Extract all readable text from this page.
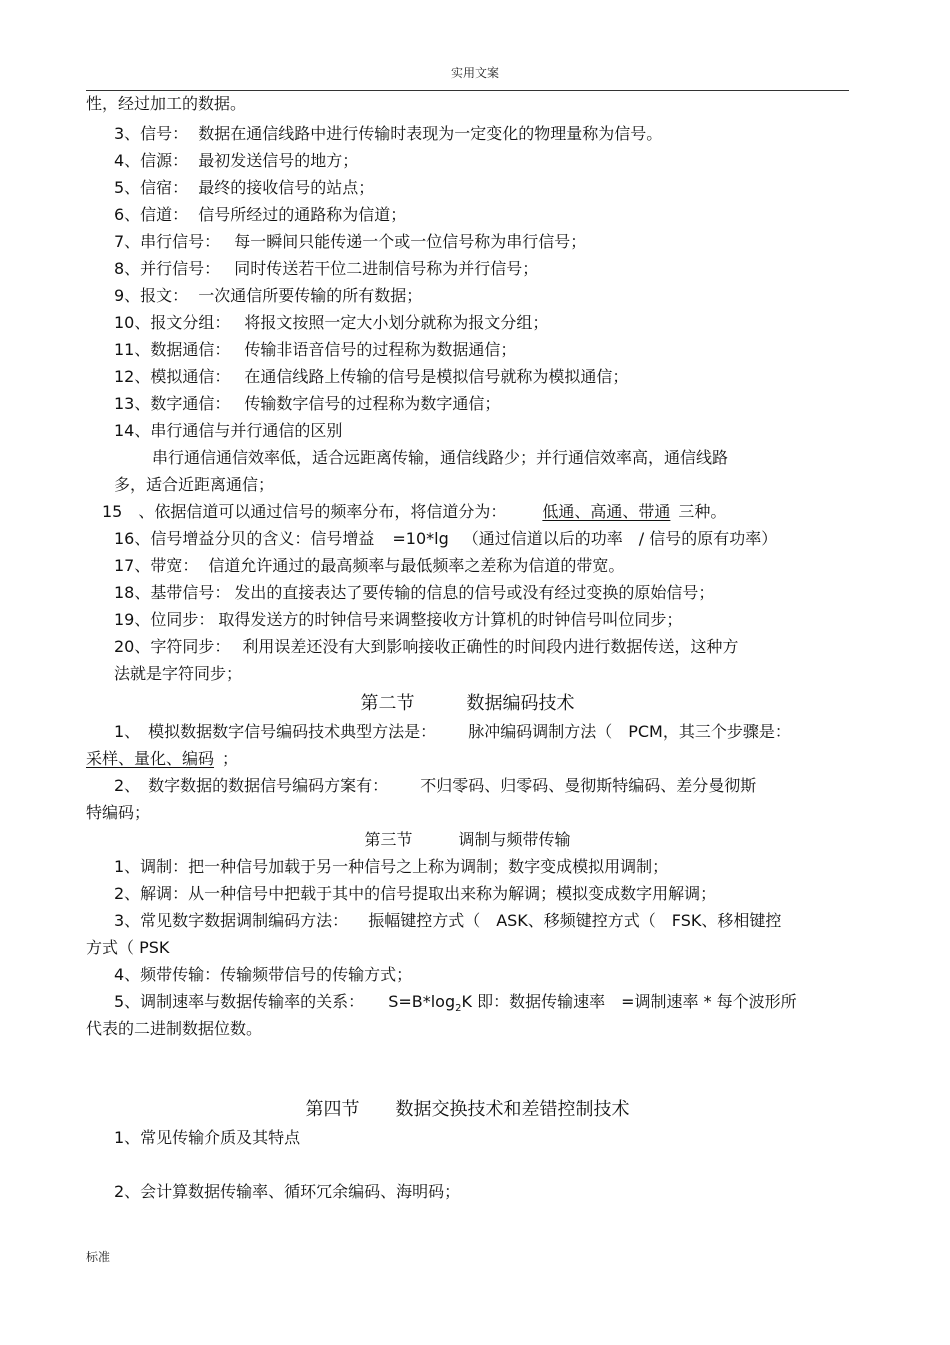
实用文案
性，经过加工的数据。
3、信号： 数据在通信线路中进行传输时表现为一定变化的物理量称为信号。
4、信源： 最初发送信号的地方；
5、信宿： 最终的接收信号的站点；
6、信道： 信号所经过的通路称为信道；
7、串行信号： 每一瞬间只能传递一个或一位信号称为串行信号；
8、并行信号： 同时传送若干位二进制信号称为并行信号；
9、报文： 一次通信所要传输的所有数据；
10、报文分组： 将报文按照一定大小划分就称为报文分组；
11、数据通信： 传输非语音信号的过程称为数据通信；
12、模拟通信： 在通信线路上传输的信号是模拟信号就称为模拟通信；
13、数字通信： 传输数字信号的过程称为数字通信；
14、串行通信与并行通信的区别
串行通信通信效率低，适合远距离传输，通信线路少；并行通信效率高，通信线路
多，适合近距离通信；
15　、依据信道可以通过信号的频率分布，将信道分为： 低通、高通、带通 三种。
16、信号增益分贝的含义：信号增益 =10*lg （通过信道以后的功率　/ 信号的原有功率）
17、带宽： 信道允许通过的最高频率与最低频率之差称为信道的带宽。
18、基带信号： 发出的直接表达了要传输的信息的信号或没有经过变换的原始信号；
19、位同步： 取得发送方的时钟信号来调整接收方计算机的时钟信号叫位同步；
20、字符同步： 利用误差还没有大到影响接收正确性的时间段内进行数据传送，这种方
法就是字符同步；
第二节	数据编码技术
1、　模拟数据数字信号编码技术典型方法是： 脉冲编码调制方法（　PCM，其三个步骤是：
采样、量化、编码 ；
2、　数字数据的数据信号编码方案有： 不归零码、归零码、曼彻斯特编码、差分曼彻斯
特编码；
第三节	调制与频带传输
1、调制：把一种信号加载于另一种信号之上称为调制；数字变成模拟用调制；
2、解调：从一种信号中把载于其中的信号提取出来称为解调；模拟变成数字用解调；
3、常见数字数据调制编码方法： 振幅键控方式（　ASK、移频键控方式（　FSK、移相键控
方式（ PSK
4、频带传输：传输频带信号的传输方式；
5、调制速率与数据传输率的关系： $S=B*\log_2K$ 即：数据传输速率　=调制速率 * 每个波形所
代表的二进制数据位数。
第四节 数据交换技术和差错控制技术
1、常见传输介质及其特点
2、会计算数据传输率、循环冗余编码、海明码；
标准
